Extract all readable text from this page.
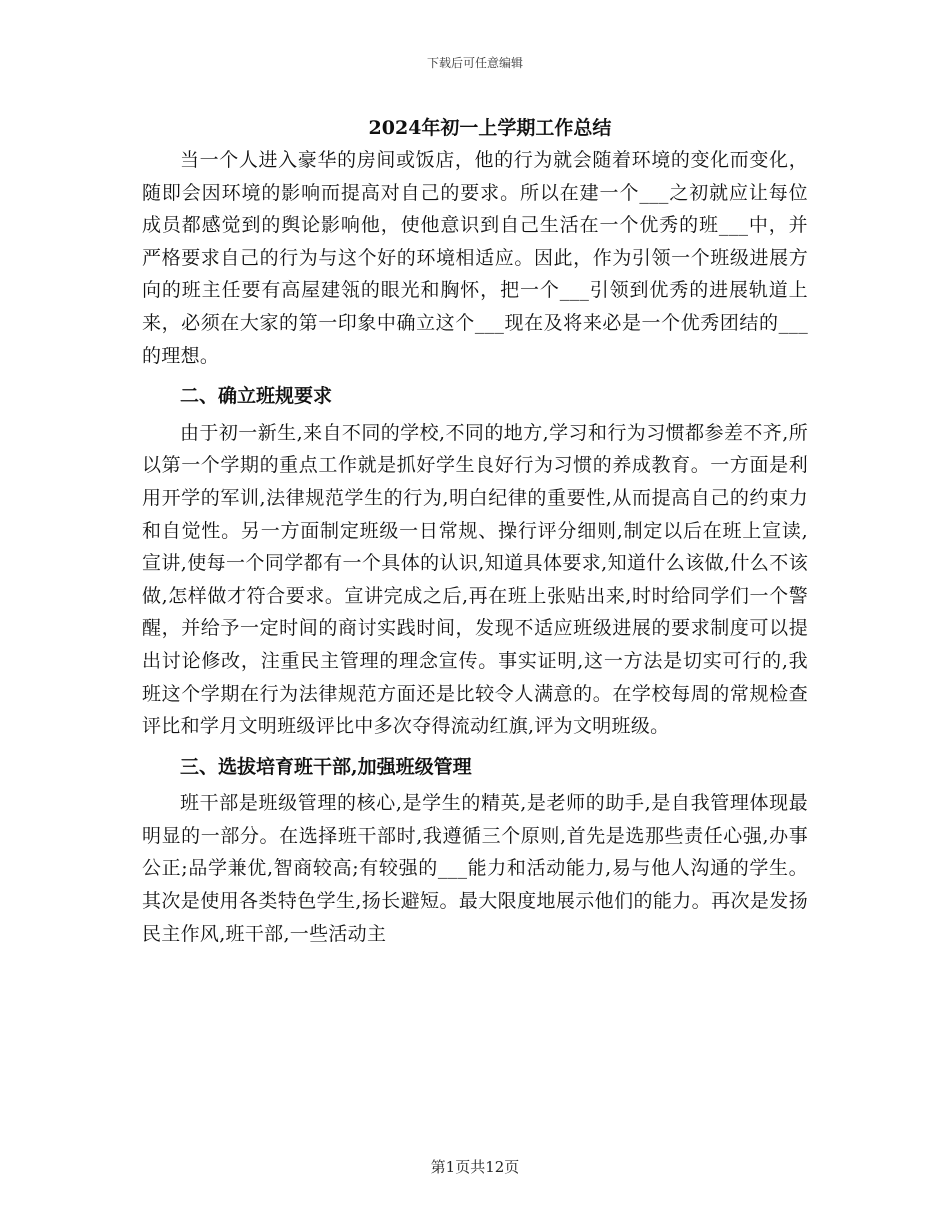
下载后可任意编辑

2024年初一上学期工作总结

当一个人进入豪华的房间或饭店，他的行为就会随着环境的变化而变化，随即会因环境的影响而提高对自己的要求。所以在建一个___之初就应让每位成员都感觉到的舆论影响他，使他意识到自己生活在一个优秀的班___中，并严格要求自己的行为与这个好的环境相适应。因此，作为引领一个班级进展方向的班主任要有高屋建瓴的眼光和胸怀，把一个___引领到优秀的进展轨道上来，必须在大家的第一印象中确立这个___现在及将来必是一个优秀团结的___的理想。

二、确立班规要求

由于初一新生,来自不同的学校,不同的地方,学习和行为习惯都参差不齐,所以第一个学期的重点工作就是抓好学生良好行为习惯的养成教育。一方面是利用开学的军训,法律规范学生的行为,明白纪律的重要性,从而提高自己的约束力和自觉性。另一方面制定班级一日常规、操行评分细则,制定以后在班上宣读,宣讲,使每一个同学都有一个具体的认识,知道具体要求,知道什么该做,什么不该做,怎样做才符合要求。宣讲完成之后,再在班上张贴出来,时时给同学们一个警醒，并给予一定时间的商讨实践时间，发现不适应班级进展的要求制度可以提出讨论修改，注重民主管理的理念宣传。事实证明,这一方法是切实可行的,我班这个学期在行为法律规范方面还是比较令人满意的。在学校每周的常规检查评比和学月文明班级评比中多次夺得流动红旗,评为文明班级。

三、选拔培育班干部,加强班级管理

班干部是班级管理的核心,是学生的精英,是老师的助手,是自我管理体现最明显的一部分。在选择班干部时,我遵循三个原则,首先是选那些责任心强,办事公正;品学兼优,智商较高;有较强的___能力和活动能力,易与他人沟通的学生。其次是使用各类特色学生,扬长避短。最大限度地展示他们的能力。再次是发扬民主作风,班干部,一些活动主

第1页共12页
